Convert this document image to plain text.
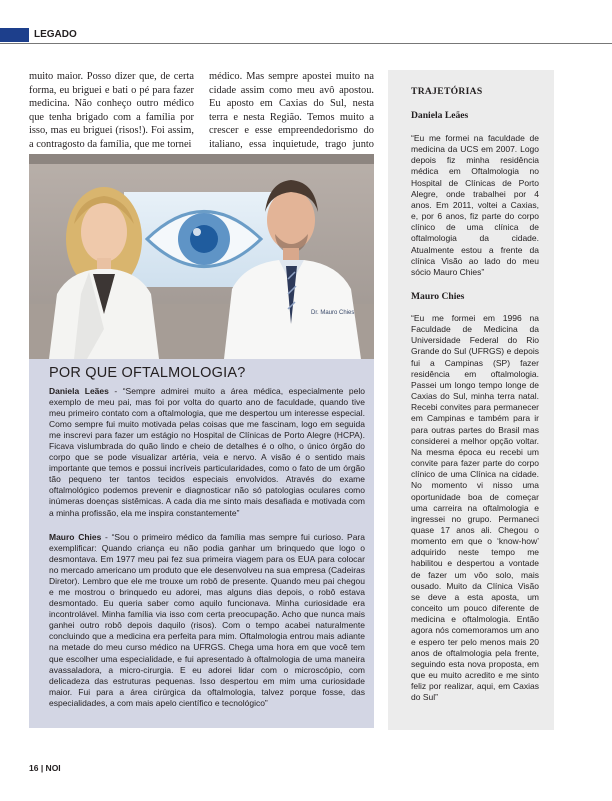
LEGADO

muito maior. Posso dizer que, de certa forma, eu briguei e bati o pé para fazer medicina. Não conheço outro médico que tenha brigado com a família por isso, mas eu briguei (risos!). Foi assim, a contragosto da família, que me tornei

médico. Mas sempre apostei muito na cidade assim como meu avô apostou. Eu aposto em Caxias do Sul, nesta terra e nesta Região. Temos muito a crescer e esse empreendedorismo do italiano, essa inquietude, trago junto

Dr. Mauro Chies
POR QUE OFTALMOLOGIA?

Daniela Leães - “Sempre admirei muito a área médica, especialmente pelo exemplo de meu pai, mas foi por volta do quarto ano de faculdade, quando tive meu primeiro contato com a oftalmologia, que me despertou um interesse especial. Como sempre fui muito motivada pelas coisas que me fascinam, logo em seguida me inscrevi para fazer um estágio no Hospital de Clínicas de Porto Alegre (HCPA). Ficava vislumbrada do quão lindo e cheio de detalhes é o olho, o único órgão do corpo que se pode visualizar artéria, veia e nervo. A visão é o sentido mais importante que temos e possui incríveis particularidades, como o fato de um órgão tão pequeno ter tantos tecidos especiais envolvidos. Através do exame oftalmológico podemos prevenir e diagnosticar não só patologias oculares como inúmeras doenças sistêmicas. A cada dia me sinto mais desafiada e motivada com a minha profissão, ela me inspira constantemente”

Mauro Chies - “Sou o primeiro médico da família mas sempre fui curioso. Para exemplificar: Quando criança eu não podia ganhar um brinquedo que logo o desmontava. Em 1977 meu pai fez sua primeira viagem para os EUA para colocar no mercado americano um produto que ele desenvolveu na sua empresa (Cadeiras Diretor). Lembro que ele me trouxe um robô de presente. Quando meu pai chegou e me mostrou o brinquedo eu adorei, mas alguns dias depois, o robô estava desmontado. Eu queria saber como aquilo funcionava. Minha curiosidade era incontrolável. Minha família via isso com certa preocupação. Acho que nunca mais ganhei outro robô depois daquilo (risos). Com o tempo acabei naturalmente concluindo que a medicina era perfeita para mim. Oftalmologia entrou mais adiante na metade do meu curso médico na UFRGS. Chega uma hora em que você tem que escolher uma especialidade, e fui apresentado à oftalmologia de uma maneira avassaladora, a micro-cirurgia. E eu adorei lidar com o microscópio, com delicadeza das estruturas pequenas. Isso despertou em mim uma curiosidade maior. Fui para a área cirúrgica da oftalmologia, talvez porque fosse, das especialidades, a com mais apelo científico e tecnológico”

TRAJETÓRIAS
Daniela Leães

“Eu me formei na faculdade de medicina da UCS em 2007. Logo depois fiz minha residência médica em Oftalmologia no Hospital de Clínicas de Porto Alegre, onde trabalhei por 4 anos. Em 2011, voltei a Caxias, e, por 6 anos, fiz parte do corpo clínico de uma clínica de oftalmologia da cidade. Atualmente estou a frente da clínica Visão ao lado do meu sócio Mauro Chies”

Mauro Chies

“Eu me formei em 1996 na Faculdade de Medicina da Universidade Federal do Rio Grande do Sul (UFRGS) e depois fui a Campinas (SP) fazer residência em oftalmologia. Passei um longo tempo longe de Caxias do Sul, minha terra natal. Recebi convites para permanecer em Campinas e também para ir para outras partes do Brasil mas considerei a melhor opção voltar. Na mesma época eu recebi um convite para fazer parte do corpo clínico de uma Clínica na cidade. No momento vi nisso uma oportunidade boa de começar uma carreira na oftalmologia e ingressei no grupo. Permaneci quase 17 anos ali. Chegou o momento em que o ‘know-how’ adquirido neste tempo me habilitou e despertou a vontade de fazer um vôo solo, mais ousado. Muito da Clínica Visão se deve a esta aposta, um conceito um pouco diferente de medicina e oftalmologia. Então agora nós comemoramos um ano e espero ter pelo menos mais 20 anos de oftalmologia pela frente, seguindo esta nova proposta, em que eu muito acredito e me sinto feliz por realizar, aqui, em Caxias do Sul”

16 | NOI
